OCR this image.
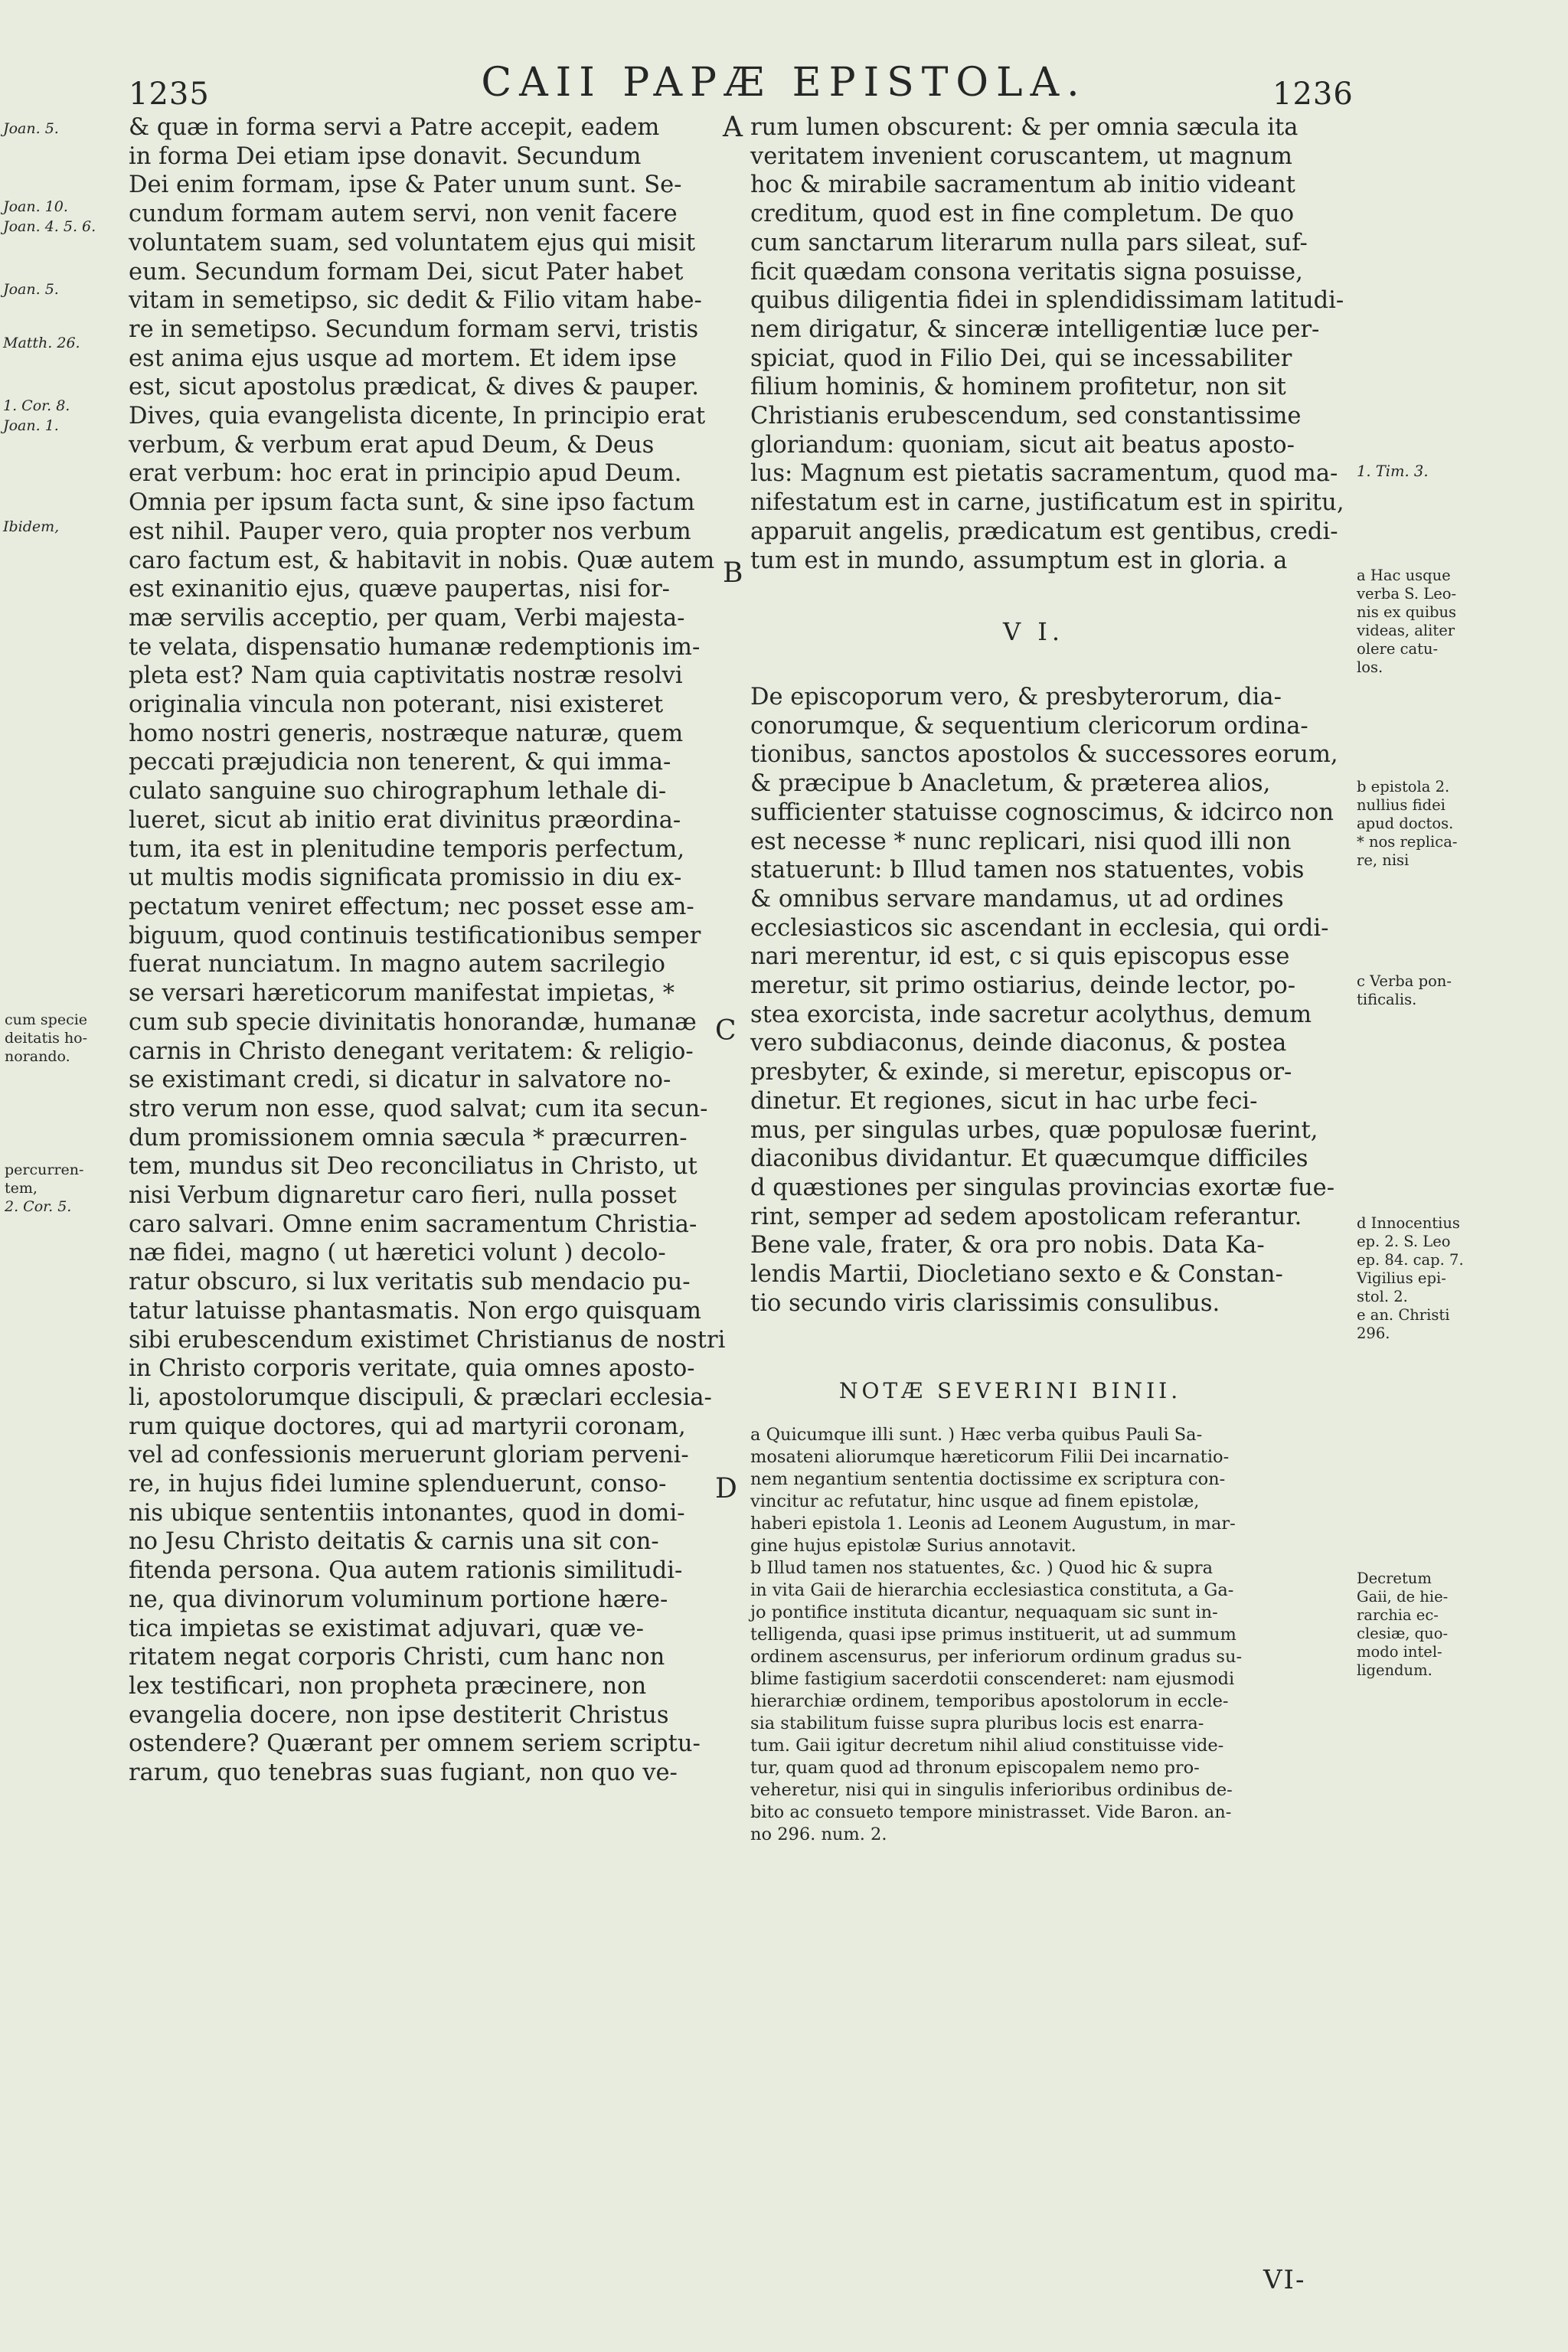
1235	CAII PAPÆ EPISTOLA.	1236
& quæ in forma servi a Patre accepit, eadem
in forma Dei etiam ipse donavit. Secundum
Dei enim formam, ipse & Pater unum sunt. Se-
cundum formam autem servi, non venit facere
voluntatem suam, sed voluntatem ejus qui misit
eum. Secundum formam Dei, sicut Pater habet
vitam in semetipso, sic dedit & Filio vitam habe-
re in semetipso. Secundum formam servi, tristis
est anima ejus usque ad mortem. Et idem ipse
est, sicut apostolus prædicat, & dives & pauper.
Dives, quia evangelista dicente, In principio erat
verbum, & verbum erat apud Deum, & Deus
erat verbum: hoc erat in principio apud Deum.
Omnia per ipsum facta sunt, & sine ipso factum
est nihil. Pauper vero, quia propter nos verbum
caro factum est, & habitavit in nobis. Quæ autem
est exinanitio ejus, quæve paupertas, nisi for-
mæ servilis acceptio, per quam, Verbi majesta-
te velata, dispensatio humanæ redemptionis im-
pleta est? Nam quia captivitatis nostræ resolvi
originalia vincula non poterant, nisi existeret
homo nostri generis, nostræque naturæ, quem
peccati præjudicia non tenerent, & qui imma-
culato sanguine suo chirographum lethale di-
lueret, sicut ab initio erat divinitus præordina-
tum, ita est in plenitudine temporis perfectum,
ut multis modis significata promissio in diu ex-
pectatum veniret effectum; nec posset esse am-
biguum, quod continuis testificationibus semper
fuerat nunciatum. In magno autem sacrilegio
se versari hæreticorum manifestat impietas, *
cum sub specie divinitatis honorandæ, humanæ
carnis in Christo denegant veritatem: & religio-
se existimant credi, si dicatur in salvatore no-
stro verum non esse, quod salvat; cum ita secun-
dum promissionem omnia sæcula * præcurren-
tem, mundus sit Deo reconciliatus in Christo, ut
nisi Verbum dignaretur caro fieri, nulla posset
caro salvari. Omne enim sacramentum Christia-
næ fidei, magno ( ut hæretici volunt ) decolo-
ratur obscuro, si lux veritatis sub mendacio pu-
tatur latuisse phantasmatis. Non ergo quisquam
sibi erubescendum existimet Christianus de nostri
in Christo corporis veritate, quia omnes aposto-
li, apostolorumque discipuli, & præclari ecclesia-
rum quique doctores, qui ad martyrii coronam,
vel ad confessionis meruerunt gloriam perveni-
re, in hujus fidei lumine splenduerunt, conso-
nis ubique sententiis intonantes, quod in domi-
no Jesu Christo deitatis & carnis una sit con-
fitenda persona. Qua autem rationis similitudi-
ne, qua divinorum voluminum portione hære-
tica impietas se existimat adjuvari, quæ ve-
ritatem negat corporis Christi, cum hanc non
lex testificari, non propheta præcinere, non
evangelia docere, non ipse destiterit Christus
ostendere? Quærant per omnem seriem scriptu-
rarum, quo tenebras suas fugiant, non quo ve-
rum lumen obscurent: & per omnia sæcula ita
veritatem invenient coruscantem, ut magnum
hoc & mirabile sacramentum ab initio videant
creditum, quod est in fine completum. De quo
cum sanctarum literarum nulla pars sileat, suf-
ficit quædam consona veritatis signa posuisse,
quibus diligentia fidei in splendidissimam latitudi-
nem dirigatur, & sinceræ intelligentiæ luce per-
spiciat, quod in Filio Dei, qui se incessabiliter
filium hominis, & hominem profitetur, non sit
Christianis erubescendum, sed constantissime
gloriandum: quoniam, sicut ait beatus aposto-
lus: Magnum est pietatis sacramentum, quod ma-
nifestatum est in carne, justificatum est in spiritu,
apparuit angelis, prædicatum est gentibus, credi-
tum est in mundo, assumptum est in gloria. a
V I.
De episcoporum vero, & presbyterorum, dia-
conorumque, & sequentium clericorum ordina-
tionibus, sanctos apostolos & successores eorum,
& præcipue b Anacletum, & præterea alios,
sufficienter statuisse cognoscimus, & idcirco non
est necesse * nunc replicari, nisi quod illi non
statuerunt: b Illud tamen nos statuentes, vobis
& omnibus servare mandamus, ut ad ordines
ecclesiasticos sic ascendant in ecclesia, qui ordi-
nari merentur, id est, c si quis episcopus esse
meretur, sit primo ostiarius, deinde lector, po-
stea exorcista, inde sacretur acolythus, demum
vero subdiaconus, deinde diaconus, & postea
presbyter, & exinde, si meretur, episcopus or-
dinetur. Et regiones, sicut in hac urbe feci-
mus, per singulas urbes, quæ populosæ fuerint,
diaconibus dividantur. Et quæcumque difficiles
d quæstiones per singulas provincias exortæ fue-
rint, semper ad sedem apostolicam referantur.
Bene vale, frater, & ora pro nobis. Data Ka-
lendis Martii, Diocletiano sexto e & Constan-
tio secundo viris clarissimis consulibus.
NOTÆ SEVERINI BINII.
a Quicumque illi sunt. ) Hæc verba quibus Pauli Sa-
mosateni aliorumque hæreticorum Filii Dei incarnatio-
nem negantium sententia doctissime ex scriptura con-
vincitur ac refutatur, hinc usque ad finem epistolæ,
haberi epistola 1. Leonis ad Leonem Augustum, in mar-
gine hujus epistolæ Surius annotavit.
b Illud tamen nos statuentes, &c. ) Quod hic & supra
in vita Gaii de hierarchia ecclesiastica constituta, a Ga-
jo pontifice instituta dicantur, nequaquam sic sunt in-
telligenda, quasi ipse primus instituerit, ut ad summum
ordinem ascensurus, per inferiorum ordinum gradus su-
blime fastigium sacerdotii conscenderet: nam ejusmodi
hierarchiæ ordinem, temporibus apostolorum in eccle-
sia stabilitum fuisse supra pluribus locis est enarra-
tum. Gaii igitur decretum nihil aliud constituisse vide-
tur, quam quod ad thronum episcopalem nemo pro-
veheretur, nisi qui in singulis inferioribus ordinibus de-
bito ac consueto tempore ministrasset. Vide Baron. an-
no 296. num. 2.
Joan. 5.
Joan. 10.
Joan. 4. 5. 6.
Joan. 5.
Matth. 26.
1. Cor. 8.
Joan. 1.
Ibidem,
cum specie
deitatis ho-
norando.
percurren-
tem,
2. Cor. 5.
1. Tim. 3.
a Hac usque
verba S. Leo-
nis ex quibus
videas, aliter
olere catu-
los.
b epistola 2.
nullius fidei
apud doctos.
* nos replica-
re, nisi
c Verba pon-
tificalis.
d Innocentius
ep. 2. S. Leo
ep. 84. cap. 7.
Vigilius epi-
stol. 2.
e an. Christi
296.
Decretum
Gaii, de hie-
rarchia ec-
clesiæ, quo-
modo intel-
ligendum.
A
B
C
D
VI-
